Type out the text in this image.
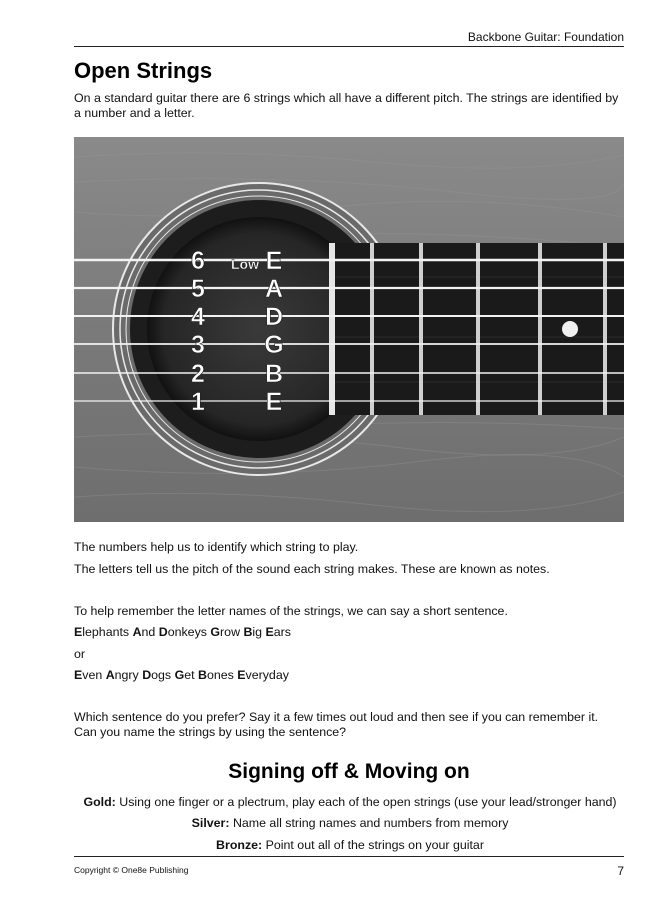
Backbone Guitar: Foundation
Open Strings

On a standard guitar there are 6 strings which all have a different pitch. The strings are identified by a number and a letter.

6
5
4
3
2
1
E
A
D
G
B
E
Low

The numbers help us to identify which string to play.

The letters tell us the pitch of the sound each string makes. These are known as notes.

To help remember the letter names of the strings, we can say a short sentence.

Elephants And Donkeys Grow Big Ears

or

Even Angry Dogs Get Bones Everyday

Which sentence do you prefer? Say it a few times out loud and then see if you can remember it. Can you name the strings by using the sentence?

Signing off & Moving on

Gold: Using one finger or a plectrum, play each of the open strings (use your lead/stronger hand)

Silver: Name all string names and numbers from memory

Bronze: Point out all of the strings on your guitar

Copyright © One8e Publishing	7
